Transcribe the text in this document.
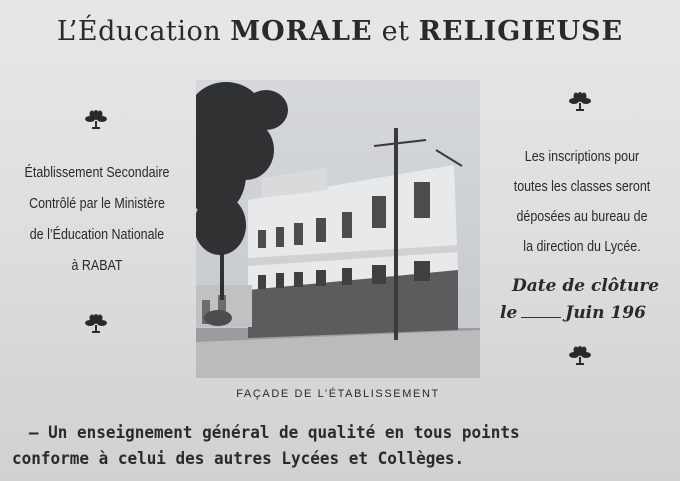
L’Éducation MORALE et RELIGIEUSE
Établissement Secondaire
Contrôlé par le Ministère
de l’Éducation Nationale
à RABAT
Les inscriptions pour
toutes les classes seront
déposées au bureau de
la direction du Lycée.
Date de clôture
le	Juin 196
FAÇADE DE L’ÉTABLISSEMENT
— Un enseignement général de qualité en tous points
conforme à celui des autres Lycées et Collèges.
